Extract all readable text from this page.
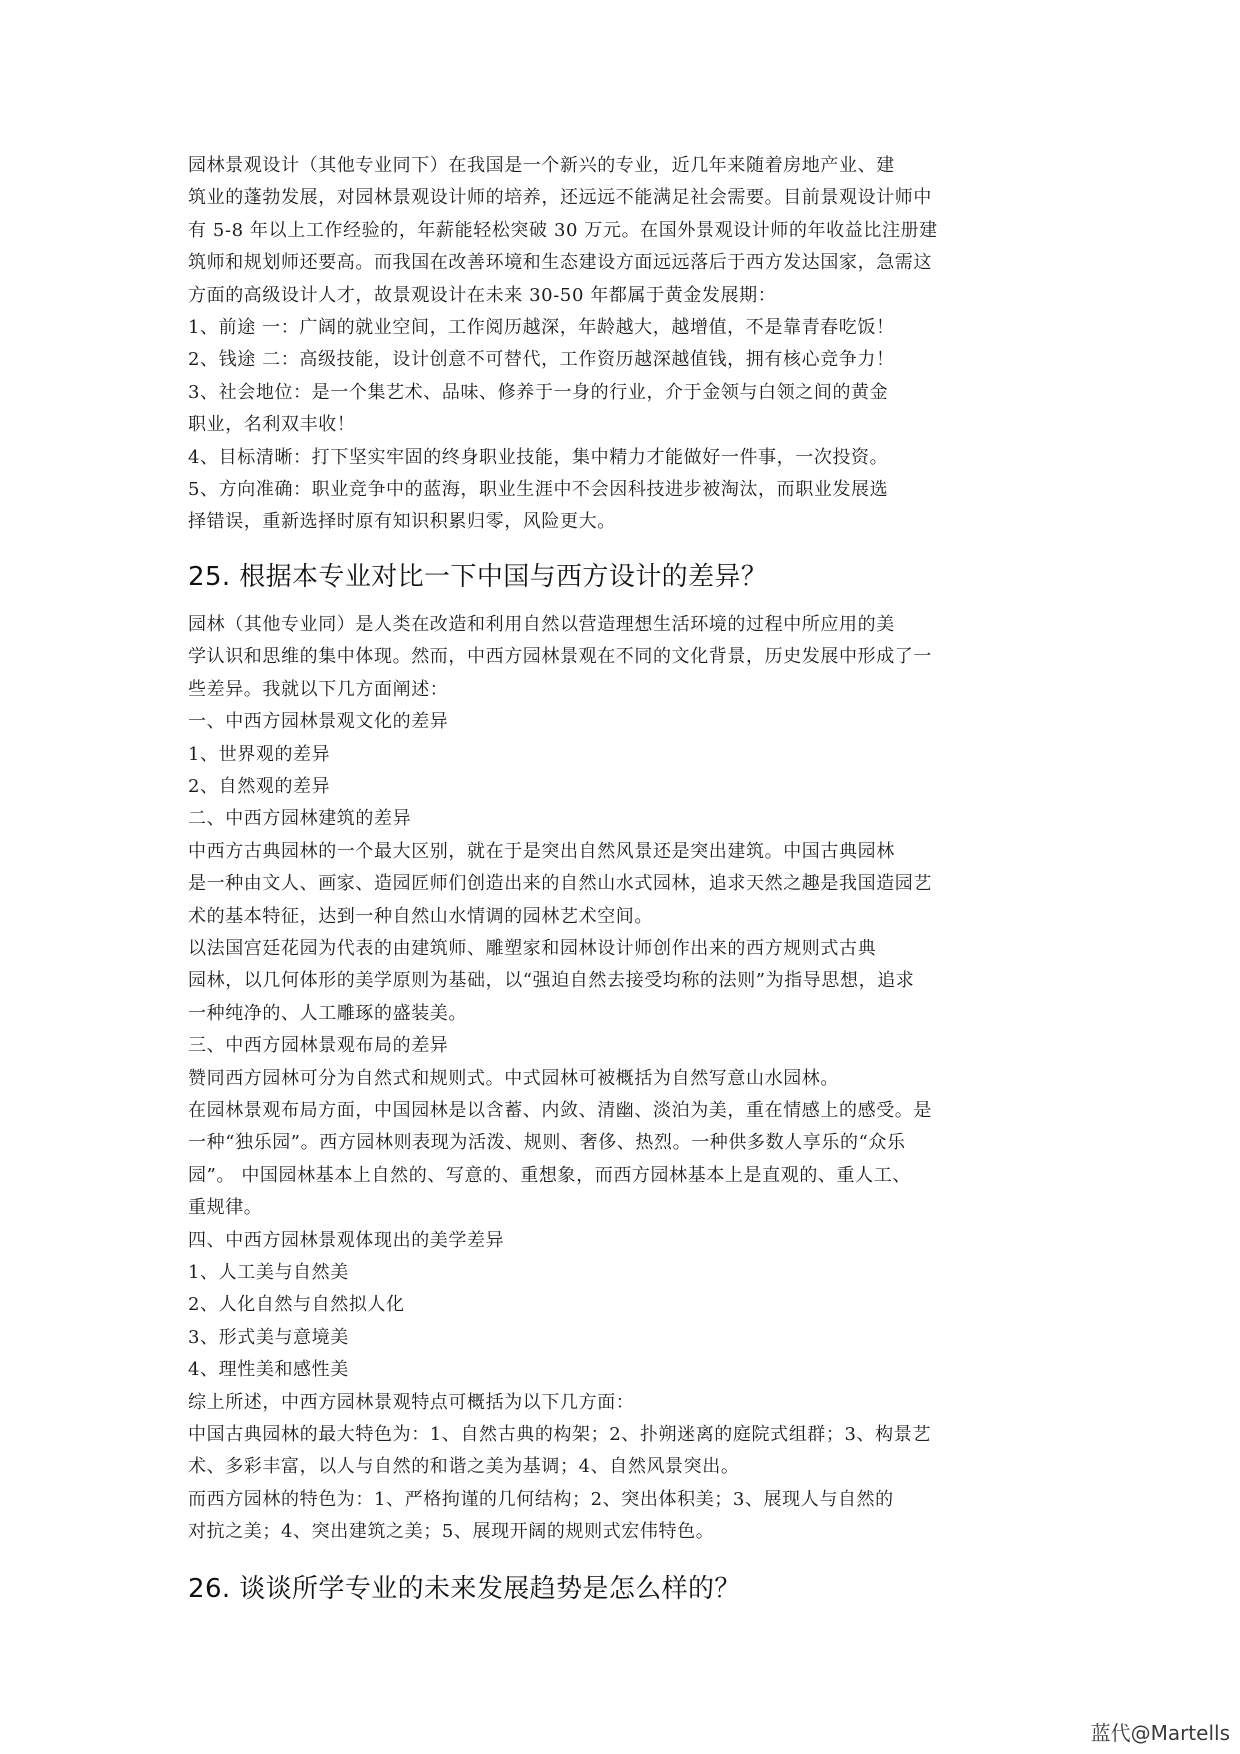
园林景观设计（其他专业同下）在我国是一个新兴的专业，近几年来随着房地产业、建
筑业的蓬勃发展，对园林景观设计师的培养，还远远不能满足社会需要。目前景观设计师中
有 5-8 年以上工作经验的，年薪能轻松突破 30 万元。在国外景观设计师的年收益比注册建
筑师和规划师还要高。而我国在改善环境和生态建设方面远远落后于西方发达国家，急需这
方面的高级设计人才，故景观设计在未来 30-50 年都属于黄金发展期：
1、前途 一：广阔的就业空间，工作阅历越深，年龄越大，越增值，不是靠青春吃饭！
2、钱途 二：高级技能，设计创意不可替代，工作资历越深越值钱，拥有核心竞争力！
3、社会地位：是一个集艺术、品味、修养于一身的行业，介于金领与白领之间的黄金
职业，名利双丰收！
4、目标清晰：打下坚实牢固的终身职业技能，集中精力才能做好一件事，一次投资。
5、方向准确：职业竞争中的蓝海，职业生涯中不会因科技进步被淘汰，而职业发展选
择错误，重新选择时原有知识积累归零，风险更大。
25. 根据本专业对比一下中国与西方设计的差异？
园林（其他专业同）是人类在改造和利用自然以营造理想生活环境的过程中所应用的美
学认识和思维的集中体现。然而，中西方园林景观在不同的文化背景，历史发展中形成了一
些差异。我就以下几方面阐述：
一、中西方园林景观文化的差异
1、世界观的差异
2、自然观的差异
二、中西方园林建筑的差异
中西方古典园林的一个最大区别，就在于是突出自然风景还是突出建筑。中国古典园林
是一种由文人、画家、造园匠师们创造出来的自然山水式园林，追求天然之趣是我国造园艺
术的基本特征，达到一种自然山水情调的园林艺术空间。
以法国宫廷花园为代表的由建筑师、雕塑家和园林设计师创作出来的西方规则式古典
园林，以几何体形的美学原则为基础，以“强迫自然去接受均称的法则”为指导思想，追求
一种纯净的、人工雕琢的盛装美。
三、中西方园林景观布局的差异
赞同西方园林可分为自然式和规则式。中式园林可被概括为自然写意山水园林。
在园林景观布局方面，中国园林是以含蓄、内敛、清幽、淡泊为美，重在情感上的感受。是
一种“独乐园”。西方园林则表现为活泼、规则、奢侈、热烈。一种供多数人享乐的“众乐
园”。 中国园林基本上自然的、写意的、重想象，而西方园林基本上是直观的、重人工、
重规律。
四、中西方园林景观体现出的美学差异
1、人工美与自然美
2、人化自然与自然拟人化
3、形式美与意境美
4、理性美和感性美
综上所述，中西方园林景观特点可概括为以下几方面：
中国古典园林的最大特色为：1、自然古典的构架；2、扑朔迷离的庭院式组群；3、构景艺
术、多彩丰富，以人与自然的和谐之美为基调；4、自然风景突出。
而西方园林的特色为：1、严格拘谨的几何结构；2、突出体积美；3、展现人与自然的
对抗之美；4、突出建筑之美；5、展现开阔的规则式宏伟特色。
26. 谈谈所学专业的未来发展趋势是怎么样的？
蓝代@Martells
